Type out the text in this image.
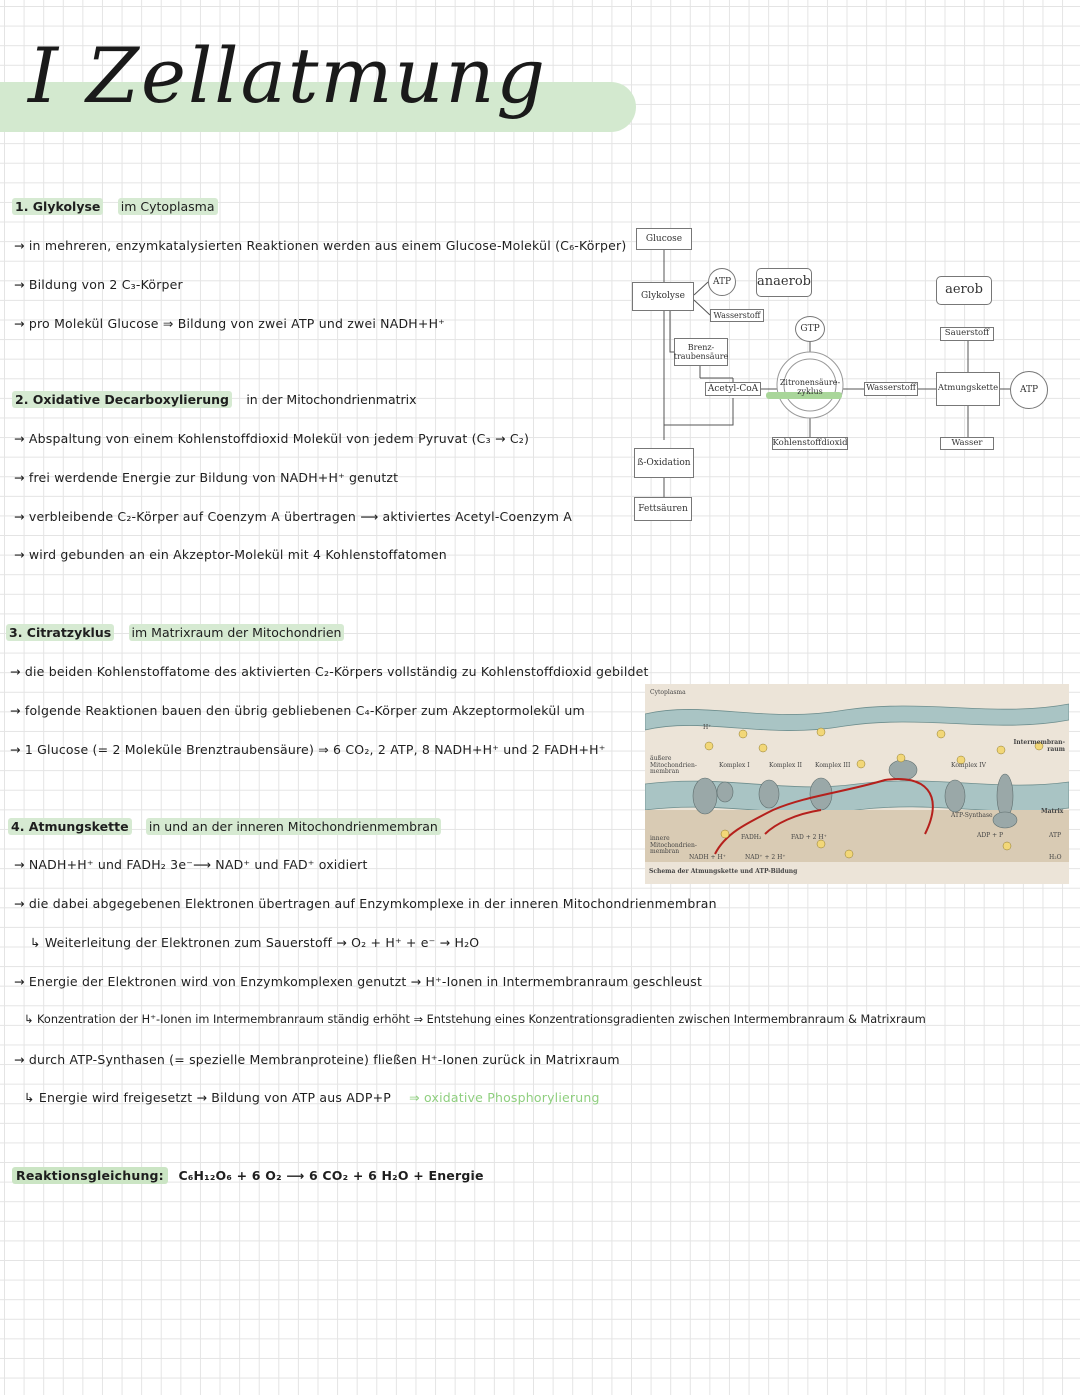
I Zellatmung
1. Glykolyse im Cytoplasma
→ in mehreren, enzymkatalysierten Reaktionen werden aus einem Glucose-Molekül (C₆-Körper)
→ Bildung von 2 C₃-Körper
→ pro Molekül Glucose ⇒ Bildung von zwei ATP und zwei NADH+H⁺
2. Oxidative Decarboxylierung in der Mitochondrienmatrix
→ Abspaltung von einem Kohlenstoffdioxid Molekül von jedem Pyruvat (C₃ → C₂)
→ frei werdende Energie zur Bildung von NADH+H⁺ genutzt
→ verbleibende C₂-Körper auf Coenzym A übertragen ⟶ aktiviertes Acetyl-Coenzym A
→ wird gebunden an ein Akzeptor-Molekül mit 4 Kohlenstoffatomen
3. Citratzyklus im Matrixraum der Mitochondrien
→ die beiden Kohlenstoffatome des aktivierten C₂-Körpers vollständig zu Kohlenstoffdioxid gebildet
→ folgende Reaktionen bauen den übrig gebliebenen C₄-Körper zum Akzeptormolekül um
→ 1 Glucose (= 2 Moleküle Brenztraubensäure) ⇒ 6 CO₂, 2 ATP, 8 NADH+H⁺ und 2 FADH+H⁺
4. Atmungskette in und an der inneren Mitochondrienmembran
→ NADH+H⁺ und FADH₂ 3e⁻⟶ NAD⁺ und FAD⁺ oxidiert
→ die dabei abgegebenen Elektronen übertragen auf Enzymkomplexe in der inneren Mitochondrienmembran
↳ Weiterleitung der Elektronen zum Sauerstoff → O₂ + H⁺ + e⁻ → H₂O
→ Energie der Elektronen wird von Enzymkomplexen genutzt → H⁺-Ionen in Intermembranraum geschleust
↳ Konzentration der H⁺-Ionen im Intermembranraum ständig erhöht ⇒ Entstehung eines Konzentrationsgradienten zwischen Intermembranraum & Matrixraum
→ durch ATP-Synthasen (= spezielle Membranproteine) fließen H⁺-Ionen zurück in Matrixraum
↳ Energie wird freigesetzt → Bildung von ATP aus ADP+P ⇒ oxidative Phosphorylierung
Reaktionsgleichung: C₆H₁₂O₆ + 6 O₂ ⟶ 6 CO₂ + 6 H₂O + Energie
Glucose
Glykolyse
ATP
Wasserstoff
Brenz-traubensäure
anaerob
GTP
Acetyl-CoA
Zitronensäure-zyklus
Kohlenstoffdioxid
Wasserstoff
aerob
Sauerstoff
Atmungskette	ATP
Wasser
ß-Oxidation
Fettsäuren
Cytoplasma
äußere Mitochondrien-membran
innere Mitochondrien-membran
Intermembran-raum
Matrix
Komplex I	Komplex II Komplex III	Komplex IV
ATP-Synthase
FADH₂	FAD + 2 H⁺
NADH + H⁺	NAD⁺ + 2 H⁺
ADP + P	ATP
H₂O
H⁺
Schema der Atmungskette und ATP-Bildung
